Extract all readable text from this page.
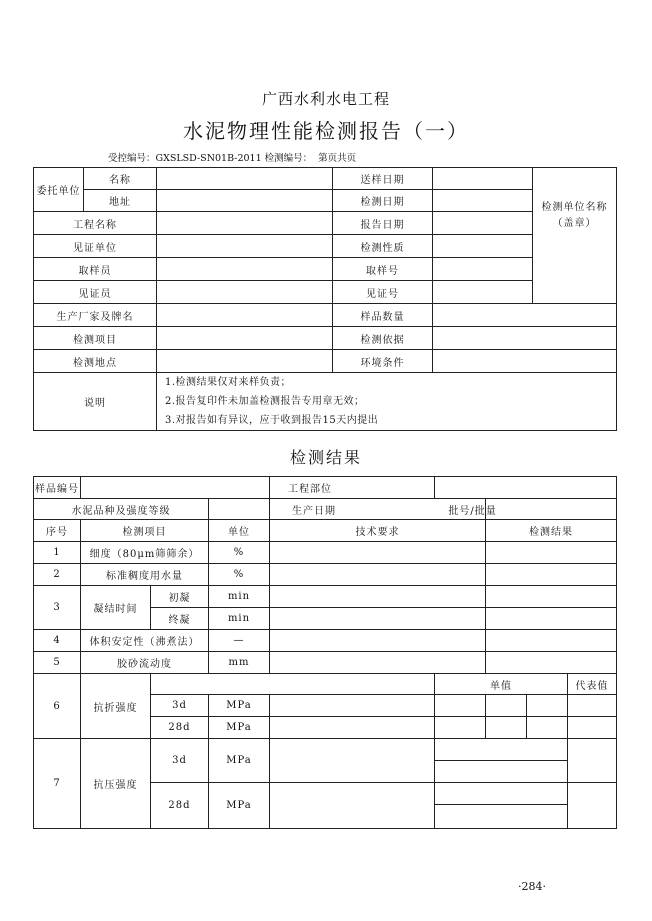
广西水利水电工程
水泥物理性能检测报告（一）
受控编号：GXSLSD-SN01B-2011 检测编号： 第页共页
委托单位	名称		送样日期		检测单位名称
（盖章）

	地址		检测日期		
工程名称			报告日期		
见证单位			检测性质		
取样员			取样号		
见证员			见证号		
生产厂家及牌名			样品数量		
检测项目			检测依据		
检测地点			环境条件		
说明		1.检测结果仅对来样负责；
2.报告复印件未加盖检测报告专用章无效；
3.对报告如有异议，应于收到报告15天内提出			
检测结果
样品编号				工程部位				
水泥品种及强度等级				生产日期 批号/批量				
序号	检测项目		单位	技术要求		检测结果		
1	细度（80μm筛筛余）		%					
2	标准稠度用水量		%					
3	凝结时间	初凝	min					
		终凝	min					
4	体积安定性（沸煮法）		—					
5	胶砂流动度		mm					
6	抗折强度				单值			代表值
		3d	MPa					
		28d	MPa					
7	抗压强度	3d	MPa					

		28d	MPa					

·284·
